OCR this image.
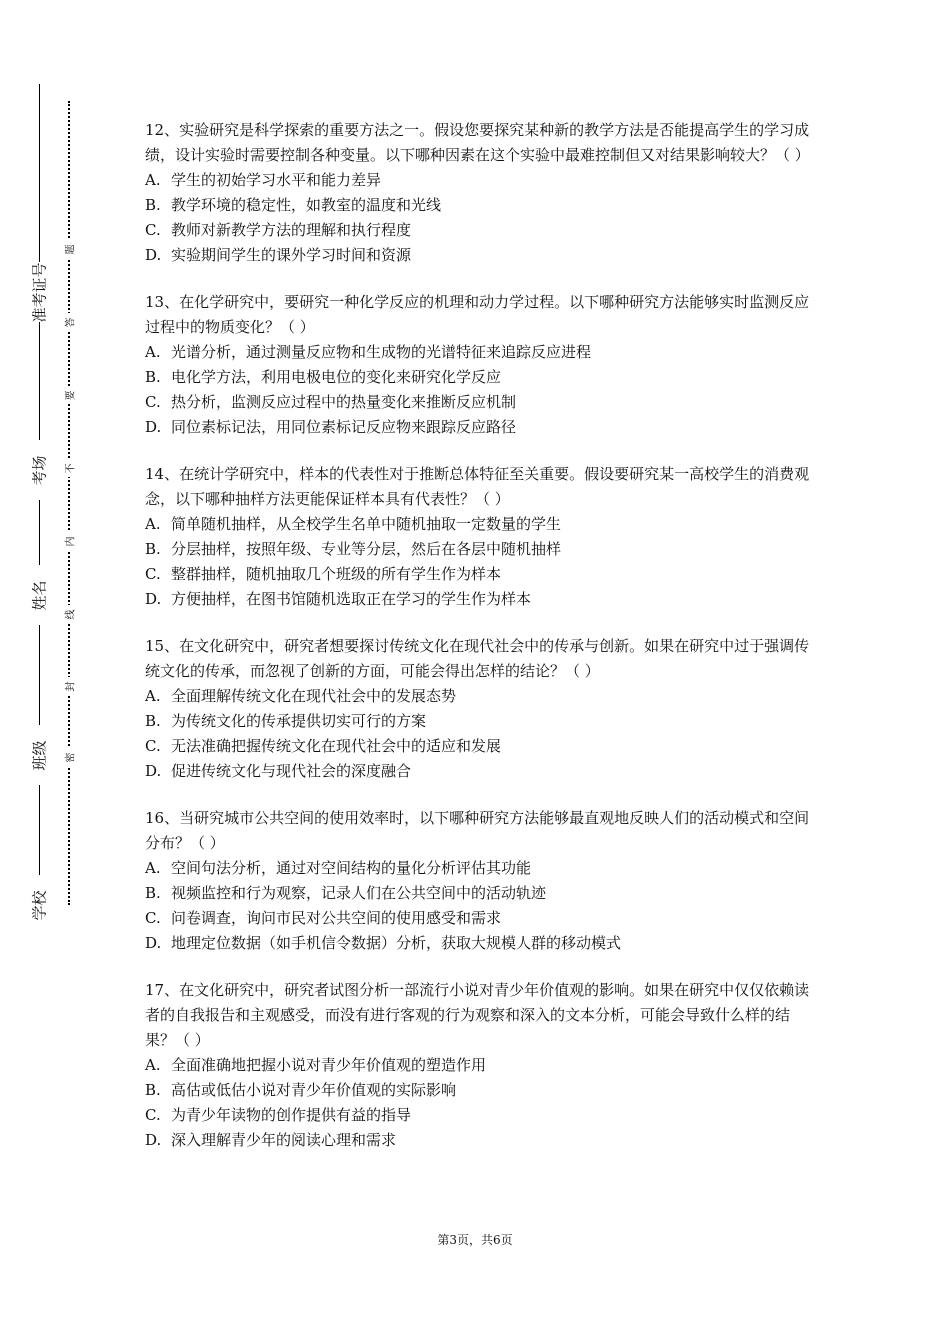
准考证号
考场
姓名
班级
学校
题
答
要
不
内
线
封
密

12、实验研究是科学探索的重要方法之一。假设您要探究某种新的教学方法是否能提高学生的学习成绩，设计实验时需要控制各种变量。以下哪种因素在这个实验中最难控制但又对结果影响较大？（ ）

A. 学生的初始学习水平和能力差异
B. 教学环境的稳定性，如教室的温度和光线
C. 教师对新教学方法的理解和执行程度
D. 实验期间学生的课外学习时间和资源

13、在化学研究中，要研究一种化学反应的机理和动力学过程。以下哪种研究方法能够实时监测反应过程中的物质变化？（ ）

A. 光谱分析，通过测量反应物和生成物的光谱特征来追踪反应进程
B. 电化学方法，利用电极电位的变化来研究化学反应
C. 热分析，监测反应过程中的热量变化来推断反应机制
D. 同位素标记法，用同位素标记反应物来跟踪反应路径

14、在统计学研究中，样本的代表性对于推断总体特征至关重要。假设要研究某一高校学生的消费观念，以下哪种抽样方法更能保证样本具有代表性？（ ）

A. 简单随机抽样，从全校学生名单中随机抽取一定数量的学生
B. 分层抽样，按照年级、专业等分层，然后在各层中随机抽样
C. 整群抽样，随机抽取几个班级的所有学生作为样本
D. 方便抽样，在图书馆随机选取正在学习的学生作为样本

15、在文化研究中，研究者想要探讨传统文化在现代社会中的传承与创新。如果在研究中过于强调传统文化的传承，而忽视了创新的方面，可能会得出怎样的结论？（ ）

A. 全面理解传统文化在现代社会中的发展态势
B. 为传统文化的传承提供切实可行的方案
C. 无法准确把握传统文化在现代社会中的适应和发展
D. 促进传统文化与现代社会的深度融合

16、当研究城市公共空间的使用效率时，以下哪种研究方法能够最直观地反映人们的活动模式和空间分布？（ ）

A. 空间句法分析，通过对空间结构的量化分析评估其功能
B. 视频监控和行为观察，记录人们在公共空间中的活动轨迹
C. 问卷调查，询问市民对公共空间的使用感受和需求
D. 地理定位数据（如手机信令数据）分析，获取大规模人群的移动模式

17、在文化研究中，研究者试图分析一部流行小说对青少年价值观的影响。如果在研究中仅仅依赖读者的自我报告和主观感受，而没有进行客观的行为观察和深入的文本分析，可能会导致什么样的结果？（ ）

A. 全面准确地把握小说对青少年价值观的塑造作用
B. 高估或低估小说对青少年价值观的实际影响
C. 为青少年读物的创作提供有益的指导
D. 深入理解青少年的阅读心理和需求
第3页，共6页
